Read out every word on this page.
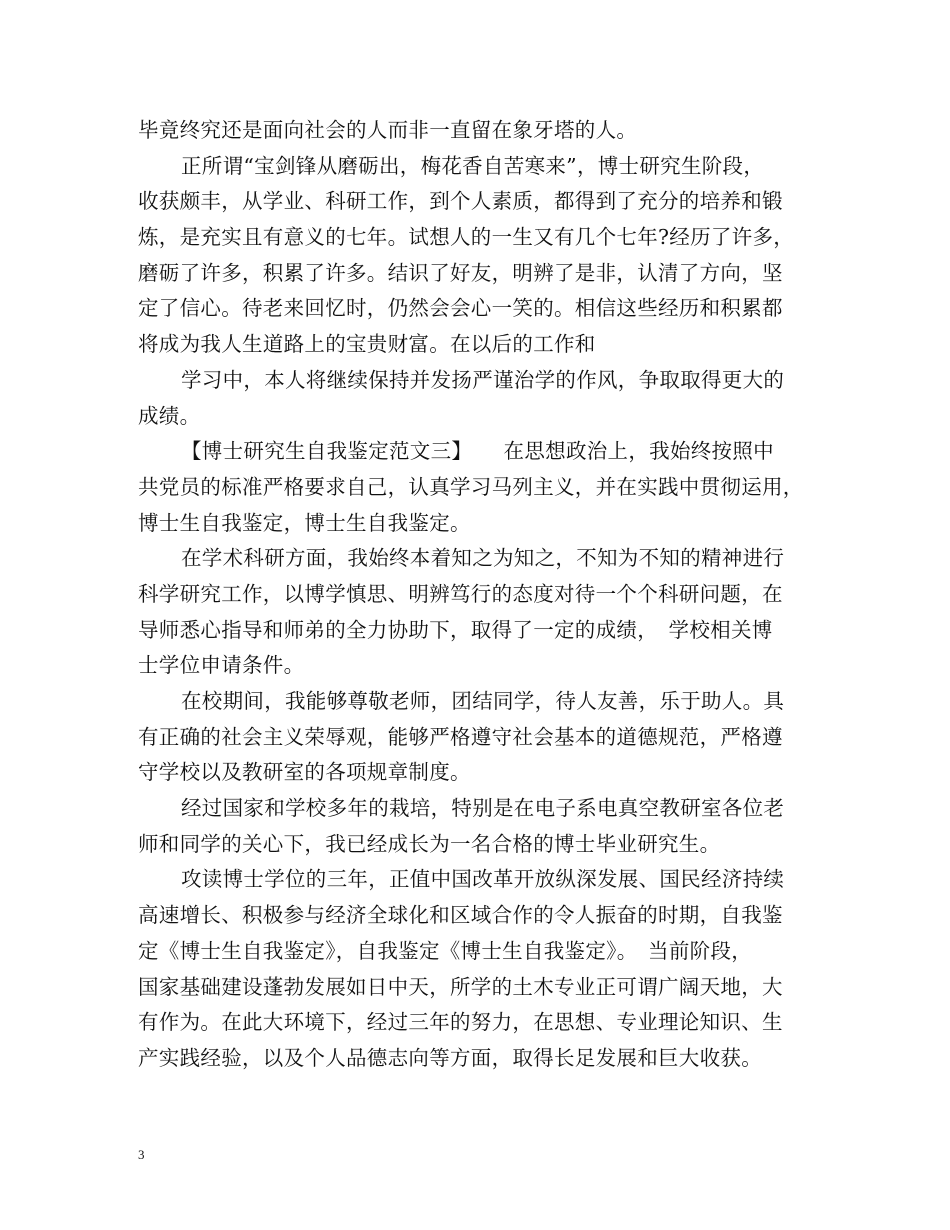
毕竟终究还是面向社会的人而非一直留在象牙塔的人。
正所谓“宝剑锋从磨砺出，梅花香自苦寒来”，博士研究生阶段，
收获颇丰，从学业、科研工作，到个人素质，都得到了充分的培养和锻
炼，是充实且有意义的七年。试想人的一生又有几个七年?经历了许多，
磨砺了许多，积累了许多。结识了好友，明辨了是非，认清了方向，坚
定了信心。待老来回忆时，仍然会会心一笑的。相信这些经历和积累都
将成为我人生道路上的宝贵财富。在以后的工作和
学习中，本人将继续保持并发扬严谨治学的作风，争取取得更大的
成绩。
【博士研究生自我鉴定范文三】　　在思想政治上，我始终按照中
共党员的标准严格要求自己，认真学习马列主义，并在实践中贯彻运用，
博士生自我鉴定，博士生自我鉴定。
在学术科研方面，我始终本着知之为知之，不知为不知的精神进行
科学研究工作，以博学慎思、明辨笃行的态度对待一个个科研问题，在
导师悉心指导和师弟的全力协助下，取得了一定的成绩，　学校相关博
士学位申请条件。
在校期间，我能够尊敬老师，团结同学，待人友善，乐于助人。具
有正确的社会主义荣辱观，能够严格遵守社会基本的道德规范，严格遵
守学校以及教研室的各项规章制度。
经过国家和学校多年的栽培，特别是在电子系电真空教研室各位老
师和同学的关心下，我已经成长为一名合格的博士毕业研究生。
攻读博士学位的三年，正值中国改革开放纵深发展、国民经济持续
高速增长、积极参与经济全球化和区域合作的令人振奋的时期，自我鉴
定《博士生自我鉴定》，自我鉴定《博士生自我鉴定》。　当前阶段，
国家基础建设蓬勃发展如日中天，所学的土木专业正可谓广阔天地，大
有作为。在此大环境下，经过三年的努力，在思想、专业理论知识、生
产实践经验，以及个人品德志向等方面，取得长足发展和巨大收获。
3
